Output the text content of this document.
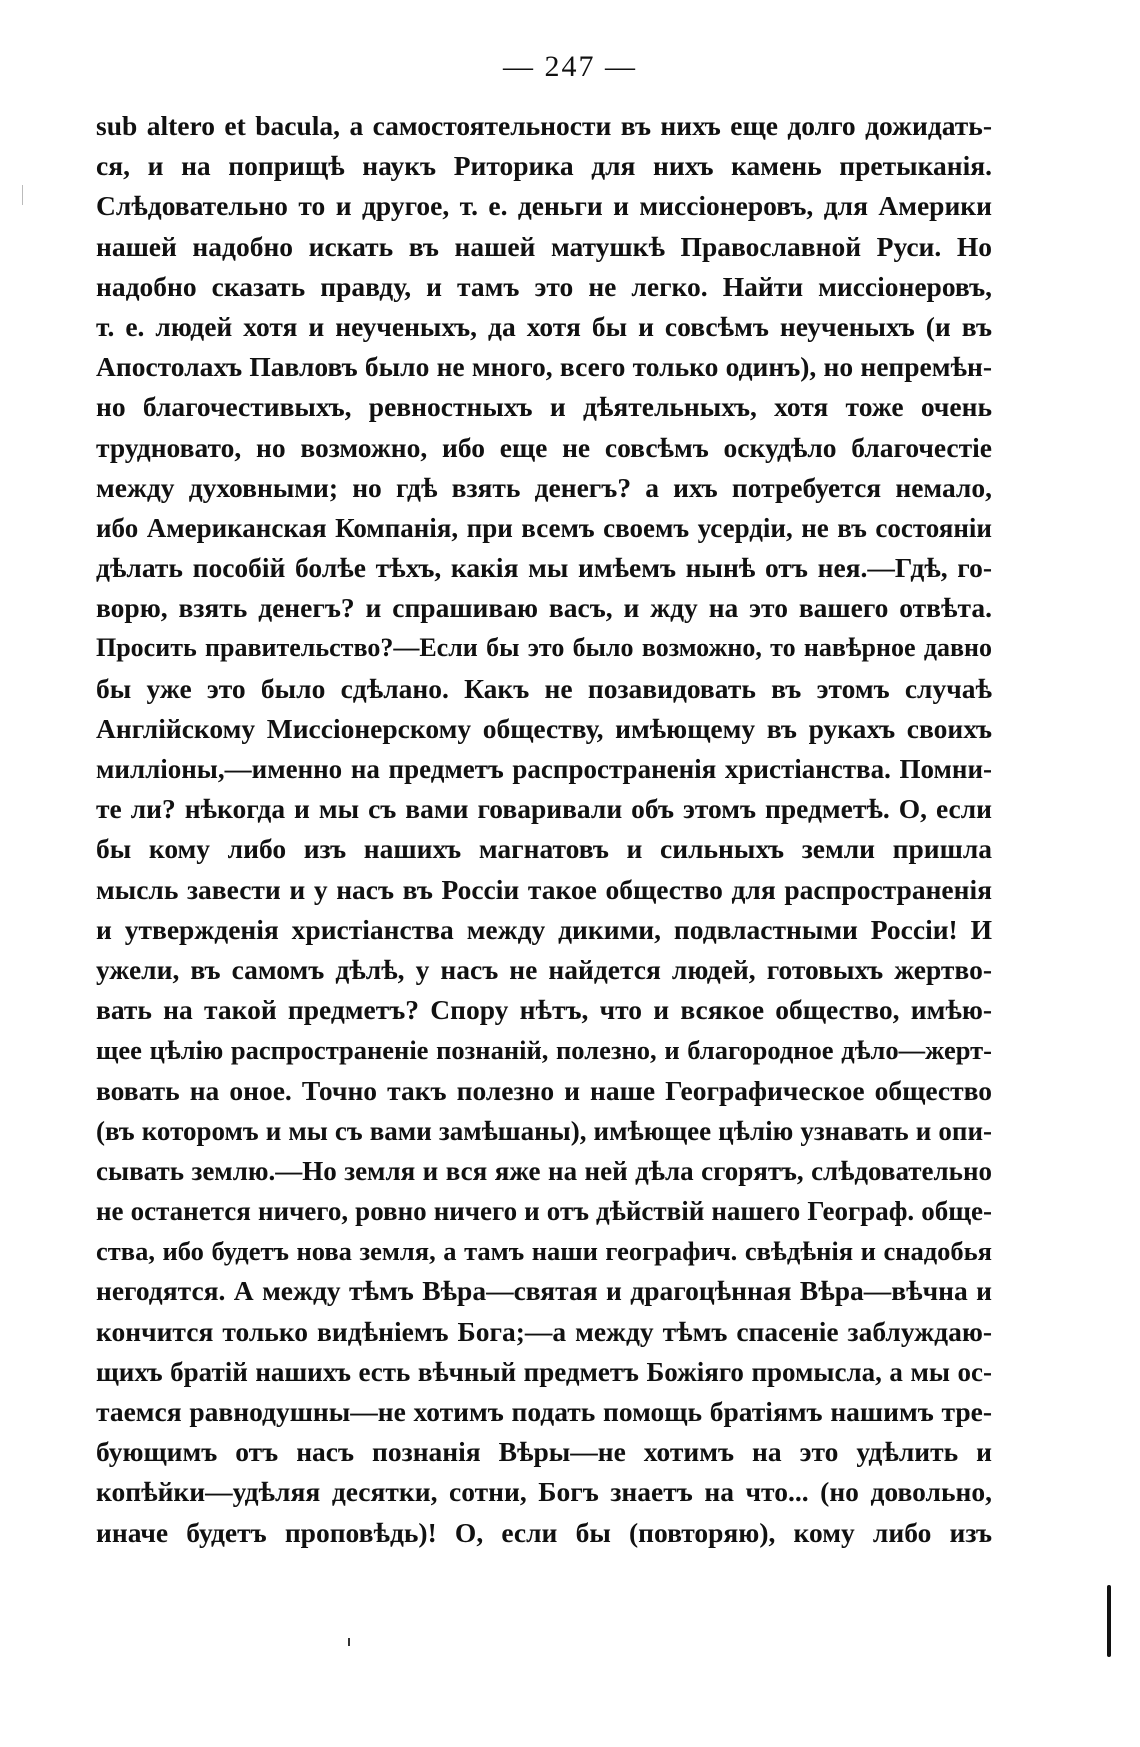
— 247 —
sub altero et bacula, а самостоятельности въ нихъ еще долго дожидать-
ся, и на поприщѣ наукъ Риторика для нихъ камень претыканія.
Слѣдовательно то и другое, т. е. деньги и миссіонеровъ, для Америки
нашей надобно искать въ нашей матушкѣ Православной Руси. Но
надобно сказать правду, и тамъ это не легко. Найти миссіонеровъ,
т. е. людей хотя и неученыхъ, да хотя бы и совсѣмъ неученыхъ (и въ
Апостолахъ Павловъ было не много, всего только одинъ), но непремѣн-
но благочестивыхъ, ревностныхъ и дѣятельныхъ, хотя тоже очень
трудновато, но возможно, ибо еще не совсѣмъ оскудѣло благочестіе
между духовными; но гдѣ взять денегъ? а ихъ потребуется немало,
ибо Американская Компанія, при всемъ своемъ усердіи, не въ состояніи
дѣлать пособій болѣе тѣхъ, какія мы имѣемъ нынѣ отъ нея.—Гдѣ, го-
ворю, взять денегъ? и спрашиваю васъ, и жду на это вашего отвѣта.
Просить правительство?—Если бы это было возможно, то навѣрное давно
бы уже это было сдѣлано. Какъ не позавидовать въ этомъ случаѣ
Англійскому Миссіонерскому обществу, имѣющему въ рукахъ своихъ
милліоны,—именно на предметъ распространенія христіанства. Помни-
те ли? нѣкогда и мы съ вами говаривали объ этомъ предметѣ. О, если
бы кому либо изъ нашихъ магнатовъ и сильныхъ земли пришла
мысль завести и у насъ въ Россіи такое общество для распространенія
и утвержденія христіанства между дикими, подвластными Россіи! И
ужели, въ самомъ дѣлѣ, у насъ не найдется людей, готовыхъ жертво-
вать на такой предметъ? Спору нѣтъ, что и всякое общество, имѣю-
щее цѣлію распространеніе познаній, полезно, и благородное дѣло—жерт-
вовать на оное. Точно такъ полезно и наше Географическое общество
(въ которомъ и мы съ вами замѣшаны), имѣющее цѣлію узнавать и опи-
сывать землю.—Но земля и вся яже на ней дѣла сгорятъ, слѣдовательно
не останется ничего, ровно ничего и отъ дѣйствій нашего Географ. обще-
ства, ибо будетъ нова земля, а тамъ наши географич. свѣдѣнія и снадобья
негодятся. А между тѣмъ Вѣра—святая и драгоцѣнная Вѣра—вѣчна и
кончится только видѣніемъ Бога;—а между тѣмъ спасеніе заблуждаю-
щихъ братій нашихъ есть вѣчный предметъ Божіяго промысла, а мы ос-
таемся равнодушны—не хотимъ подать помощь братіямъ нашимъ тре-
бующимъ отъ насъ познанія Вѣры—не хотимъ на это удѣлить и
копѣйки—удѣляя десятки, сотни, Богъ знаетъ на что... (но довольно,
иначе будетъ проповѣдь)! О, если бы (повторяю), кому либо изъ
